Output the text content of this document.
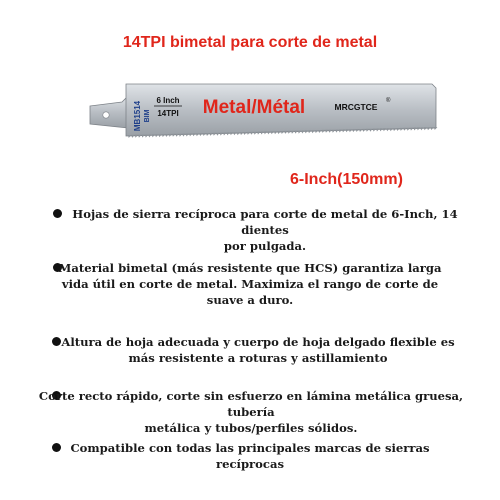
14TPI bimetal para corte de metal
MB1514 BIM
6 Inch
14TPI Metal/Métal	MRCGTCE
®
6-Inch(150mm)
Hojas de sierra recíproca para corte de metal de 6-Inch, 14 dientes
por pulgada.
Material bimetal (más resistente que HCS) garantiza larga
vida útil en corte de metal. Maximiza el rango de corte de
suave a duro.
Altura de hoja adecuada y cuerpo de hoja delgado flexible es
más resistente a roturas y astillamiento
Corte recto rápido, corte sin esfuerzo en lámina metálica gruesa, tubería
metálica y tubos/perfiles sólidos.
Compatible con todas las principales marcas de sierras
recíprocas
